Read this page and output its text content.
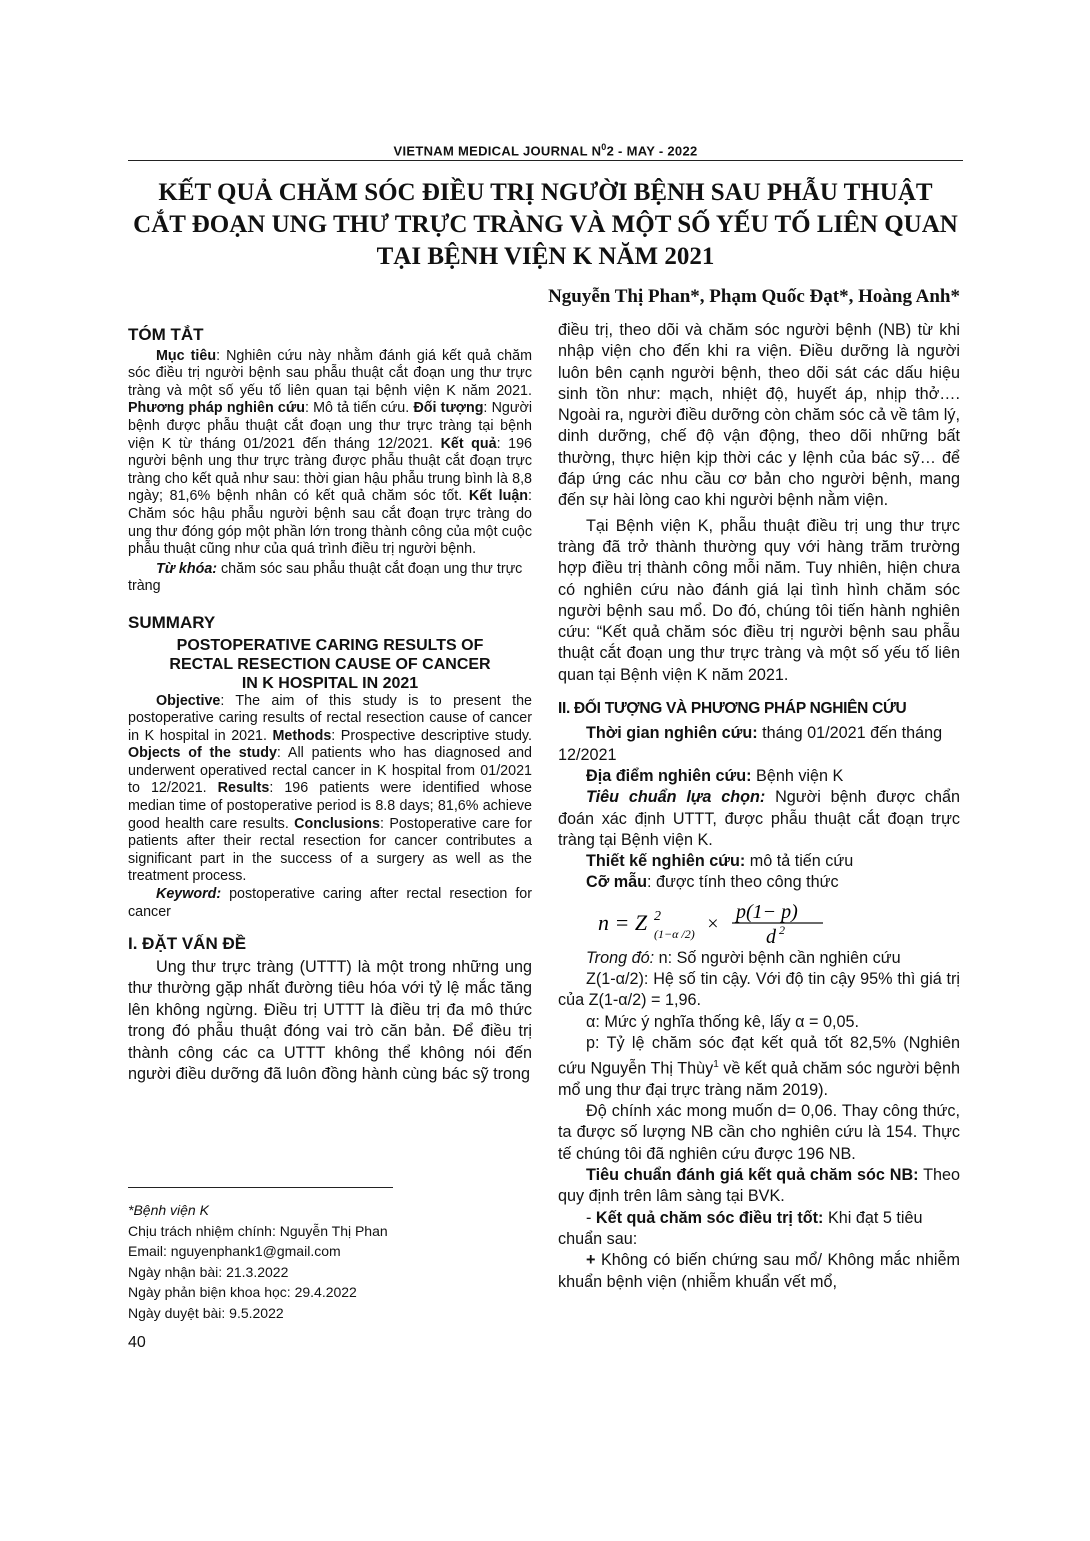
VIETNAM MEDICAL JOURNAL $N^02$ - MAY - 2022
KẾT QUẢ CHĂM SÓC ĐIỀU TRỊ NGƯỜI BỆNH SAU PHẪU THUẬT
CẮT ĐOẠN UNG THƯ TRỰC TRÀNG VÀ MỘT SỐ YẾU TỐ LIÊN QUAN
TẠI BỆNH VIỆN K NĂM 2021
Nguyễn Thị Phan*, Phạm Quốc Đạt*, Hoàng Anh*
TÓM TẮT

Mục tiêu: Nghiên cứu này nhằm đánh giá kết quả chăm sóc điều trị người bệnh sau phẫu thuật cắt đoạn ung thư trực tràng và một số yếu tố liên quan tại bệnh viện K năm 2021. Phương pháp nghiên cứu: Mô tả tiến cứu. Đối tượng: Người bệnh được phẫu thuật cắt đoạn ung thư trực tràng tại bệnh viện K từ tháng 01/2021 đến tháng 12/2021. Kết quả: 196 người bệnh ung thư trực tràng được phẫu thuật cắt đoạn trực tràng cho kết quả như sau: thời gian hậu phẫu trung bình là 8,8 ngày; 81,6% bệnh nhân có kết quả chăm sóc tốt. Kết luận: Chăm sóc hậu phẫu người bệnh sau cắt đoạn trực tràng do ung thư đóng góp một phần lớn trong thành công của một cuộc phẫu thuật cũng như của quá trình điều trị người bệnh.

Từ khóa: chăm sóc sau phẫu thuật cắt đoạn ung thư trực tràng

SUMMARY
POSTOPERATIVE CARING RESULTS OF
RECTAL RESECTION CAUSE OF CANCER
IN K HOSPITAL IN 2021

Objective: The aim of this study is to present the postoperative caring results of rectal resection cause of cancer in K hospital in 2021. Methods: Prospective descriptive study. Objects of the study: All patients who has diagnosed and underwent operatived rectal cancer in K hospital from 01/2021 to 12/2021. Results: 196 patients were identified whose median time of postoperative period is 8.8 days; 81,6% achieve good health care results. Conclusions: Postoperative care for patients after their rectal resection for cancer contributes a significant part in the success of a surgery as well as the treatment process.

Keyword: postoperative caring after rectal resection for cancer

I. ĐẶT VẤN ĐỀ

Ung thư trực tràng (UTTT) là một trong những ung thư thường gặp nhất đường tiêu hóa với tỷ lệ mắc tăng lên không ngừng. Điều trị UTTT là điều trị đa mô thức trong đó phẫu thuật đóng vai trò căn bản. Để điều trị thành công các ca UTTT không thể không nói đến người điều dưỡng đã luôn đồng hành cùng bác sỹ trong

*Bệnh viện K
Chịu trách nhiệm chính: Nguyễn Thị Phan
Email: nguyenphank1@gmail.com
Ngày nhận bài: 21.3.2022
Ngày phản biện khoa học: 29.4.2022
Ngày duyệt bài: 9.5.2022
40

điều trị, theo dõi và chăm sóc người bệnh (NB) từ khi nhập viện cho đến khi ra viện. Điều dưỡng là người luôn bên cạnh người bệnh, theo dõi sát các dấu hiệu sinh tồn như: mạch, nhiệt độ, huyết áp, nhịp thở…. Ngoài ra, người điều dưỡng còn chăm sóc cả về tâm lý, dinh dưỡng, chế độ vận động, theo dõi những bất thường, thực hiện kịp thời các y lệnh của bác sỹ… để đáp ứng các nhu cầu cơ bản cho người bệnh, mang đến sự hài lòng cao khi người bệnh nằm viện.

Tại Bệnh viện K, phẫu thuật điều trị ung thư trực tràng đã trở thành thường quy với hàng trăm trường hợp điều trị thành công mỗi năm. Tuy nhiên, hiện chưa có nghiên cứu nào đánh giá lại tình hình chăm sóc người bệnh sau mổ. Do đó, chúng tôi tiến hành nghiên cứu: “Kết quả chăm sóc điều trị người bệnh sau phẫu thuật cắt đoạn ung thư trực tràng và một số yếu tố liên quan tại Bệnh viện K năm 2021.

II. ĐỐI TƯỢNG VÀ PHƯƠNG PHÁP NGHIÊN CỨU

Thời gian nghiên cứu: tháng 01/2021 đến tháng 12/2021

Địa điểm nghiên cứu: Bệnh viện K

Tiêu chuẩn lựa chọn: Người bệnh được chẩn đoán xác định UTTT, được phẫu thuật cắt đoạn trực tràng tại Bệnh viện K.

Thiết kế nghiên cứu: mô tả tiến cứu

Cỡ mẫu: được tính theo công thức

n = Z 2
(1−α /2) ×
p(1− p)
d 2

Trong đó: n: Số người bệnh cần nghiên cứu

Z(1-α/2): Hệ số tin cậy. Với độ tin cậy 95% thì giá trị của Z(1-α/2) = 1,96.

α: Mức ý nghĩa thống kê, lấy α = 0,05.

p: Tỷ lệ chăm sóc đạt kết quả tốt 82,5% (Nghiên cứu Nguyễn Thị Thùy$^1$ về kết quả chăm sóc người bệnh mổ ung thư đại trực tràng năm 2019).

Độ chính xác mong muốn d= 0,06. Thay công thức, ta được số lượng NB cần cho nghiên cứu là 154. Thực tế chúng tôi đã nghiên cứu được 196 NB.

Tiêu chuẩn đánh giá kết quả chăm sóc NB: Theo quy định trên lâm sàng tại BVK.

- Kết quả chăm sóc điều trị tốt: Khi đạt 5 tiêu chuẩn sau:

+ Không có biến chứng sau mổ/ Không mắc nhiễm khuẩn bệnh viện (nhiễm khuẩn vết mổ,
